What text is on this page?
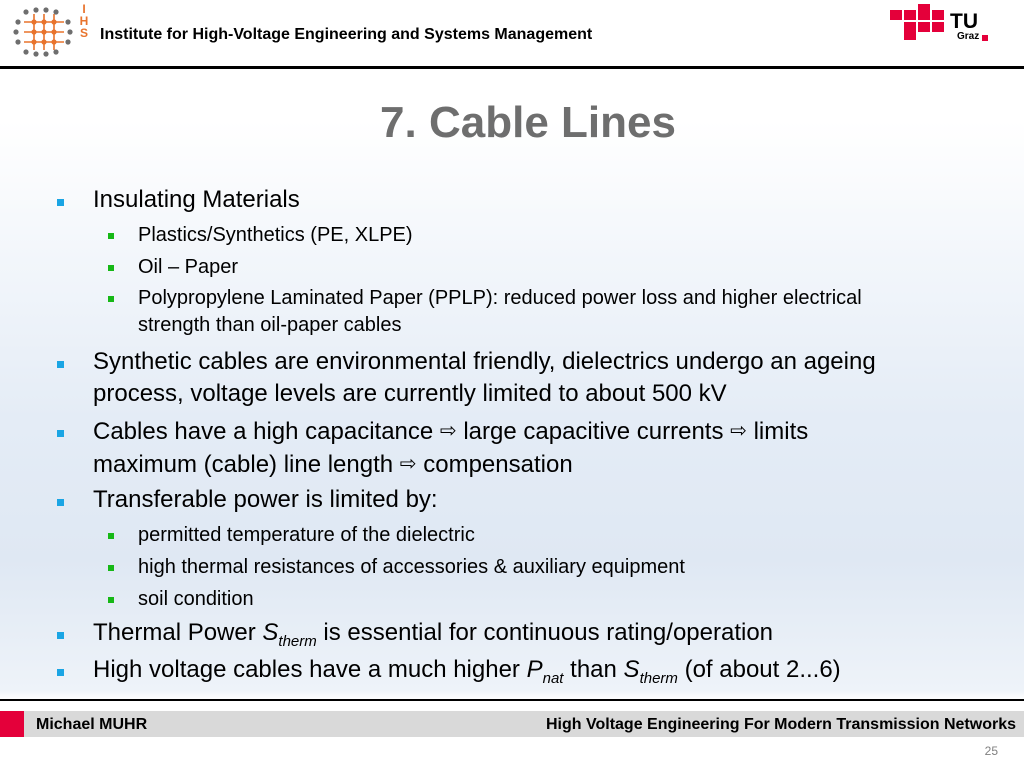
I
H
S Institute for High-Voltage Engineering and Systems Management
TU
Graz
7. Cable Lines
Insulating Materials
Plastics/Synthetics (PE, XLPE)
Oil – Paper
Polypropylene Laminated Paper (PPLP): reduced power loss and higher electrical
strength than oil-paper cables
Synthetic cables are environmental friendly, dielectrics undergo an ageing
process, voltage levels are currently limited to about 500 kV
Cables have a high capacitance ⇨ large capacitive currents ⇨ limits
maximum (cable) line length ⇨ compensation
Transferable power is limited by:
permitted temperature of the dielectric
high thermal resistances of accessories & auxiliary equipment
soil condition
Thermal Power $S_{therm}$ is essential for continuous rating/operation
High voltage cables have a much higher $P_{nat}$ than $S_{therm}$ (of about 2...6)
Michael MUHR	High Voltage Engineering For Modern Transmission Networks
25
